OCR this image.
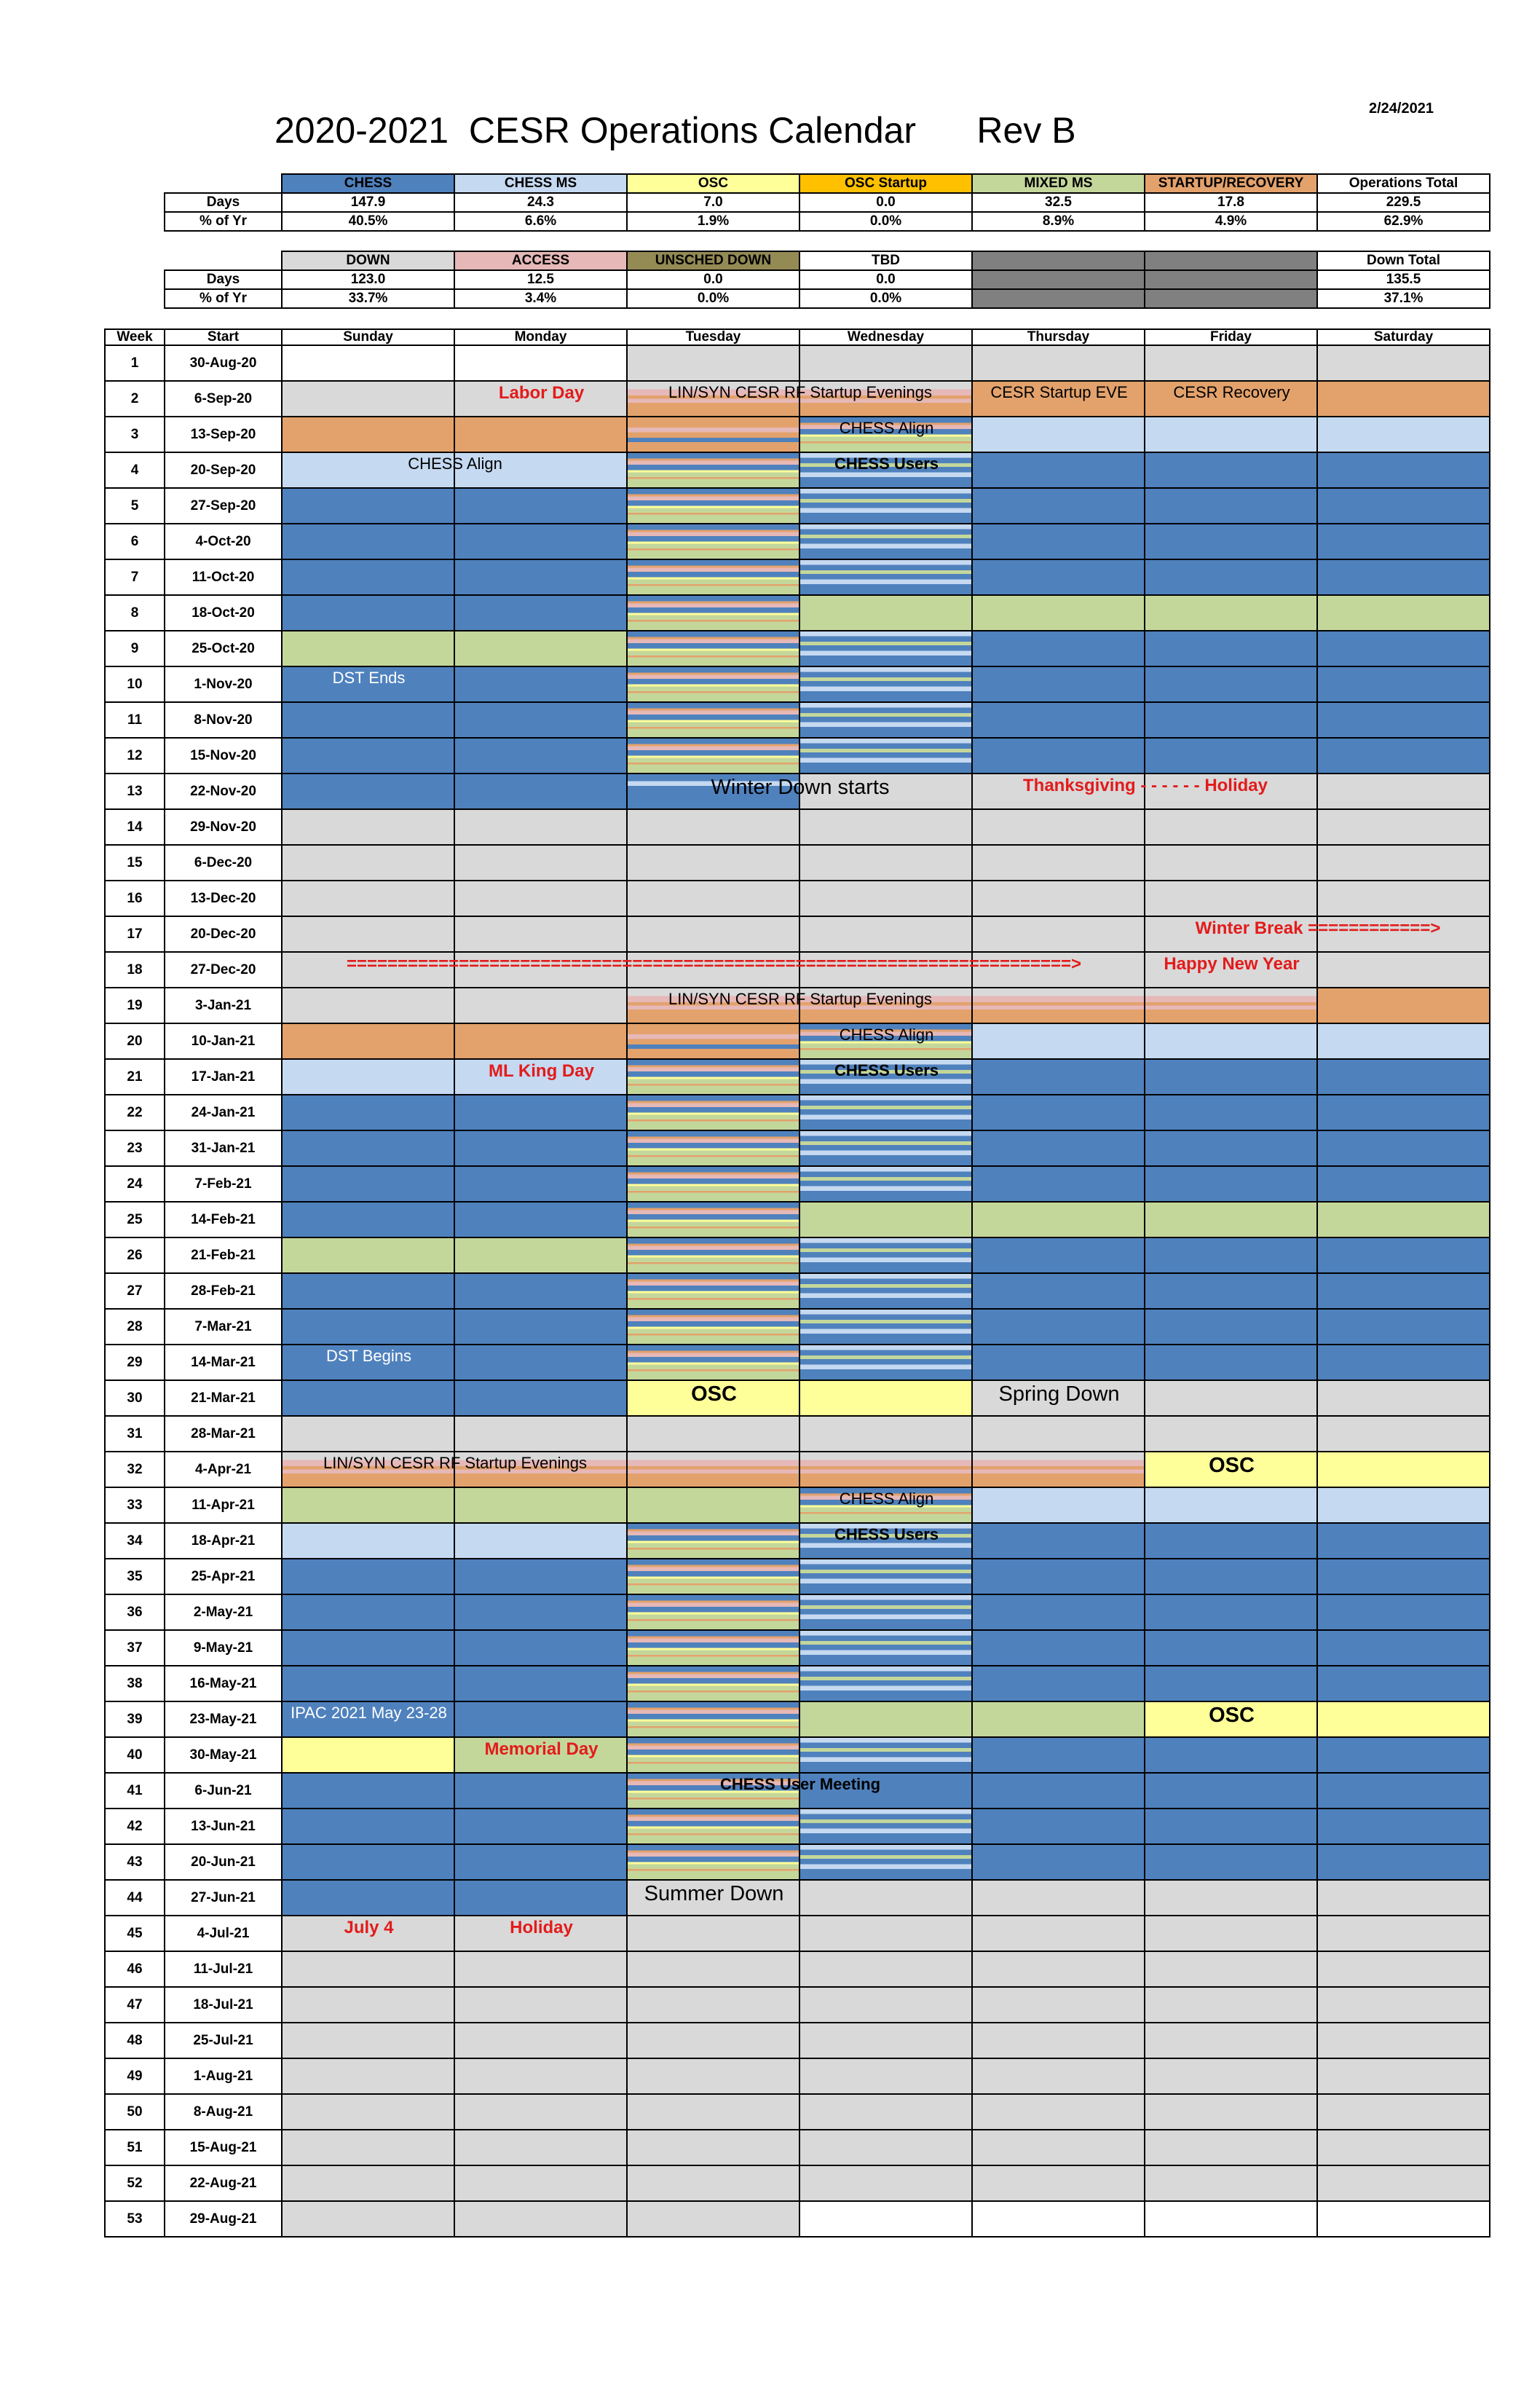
2/24/2021
2020-2021  CESR Operations Calendar      Rev B
	CHESS	CHESS MS	OSC	OSC Startup	MIXED MS	STARTUP/RECOVERY	Operations Total
Days	147.9	24.3	7.0	0.0	32.5	17.8	229.5
% of Yr	40.5%	6.6%	1.9%	0.0%	8.9%	4.9%	62.9%
	DOWN	ACCESS	UNSCHED DOWN	TBD			Down Total
Days	123.0	12.5	0.0	0.0			135.5
% of Yr	33.7%	3.4%	0.0%	0.0%			37.1%
Week	Start	Sunday	Monday	Tuesday	Wednesday	Thursday	Friday	Saturday
1	30-Aug-20							
2	6-Sep-20		Labor Day	LIN/SYN CESR RF Startup Evenings		CESR Startup EVE	CESR Recovery	

3	13-Sep-20				CHESS Align			

4	20-Sep-20	CHESS Align			CHESS Users			

5	27-Sep-20			

6	4-Oct-20			

7	11-Oct-20			

8	18-Oct-20			

9	25-Oct-20			

10	1-Nov-20	DST Ends						

11	8-Nov-20			

12	15-Nov-20			

13	22-Nov-20			Winter Down starts		Thanksgiving - - - - - - Holiday		

14	29-Nov-20							
15	6-Dec-20							
16	13-Dec-20							
17	20-Dec-20						Winter Break ============>	

18	27-Dec-20	=======================================================================>					Happy New Year	

19	3-Jan-21			LIN/SYN CESR RF Startup Evenings				

20	10-Jan-21				CHESS Align			

21	17-Jan-21		ML King Day		CHESS Users			

22	24-Jan-21			

23	31-Jan-21			

24	7-Feb-21			

25	14-Feb-21			

26	21-Feb-21			

27	28-Feb-21			

28	7-Mar-21			

29	14-Mar-21	DST Begins						

30	21-Mar-21			OSC		Spring Down		

31	28-Mar-21							
32	4-Apr-21	LIN/SYN CESR RF Startup Evenings					OSC	

33	11-Apr-21				CHESS Align			

34	18-Apr-21				CHESS Users			

35	25-Apr-21			

36	2-May-21			

37	9-May-21			

38	16-May-21			

39	23-May-21	IPAC 2021 May 23-28					OSC	

40	30-May-21		Memorial Day					

41	6-Jun-21			CHESS User Meeting				

42	13-Jun-21			

43	20-Jun-21			

44	27-Jun-21			Summer Down				

45	4-Jul-21	July 4	Holiday					

46	11-Jul-21							
47	18-Jul-21							
48	25-Jul-21							
49	1-Aug-21							
50	8-Aug-21							
51	15-Aug-21							
52	22-Aug-21							
53	29-Aug-21							
